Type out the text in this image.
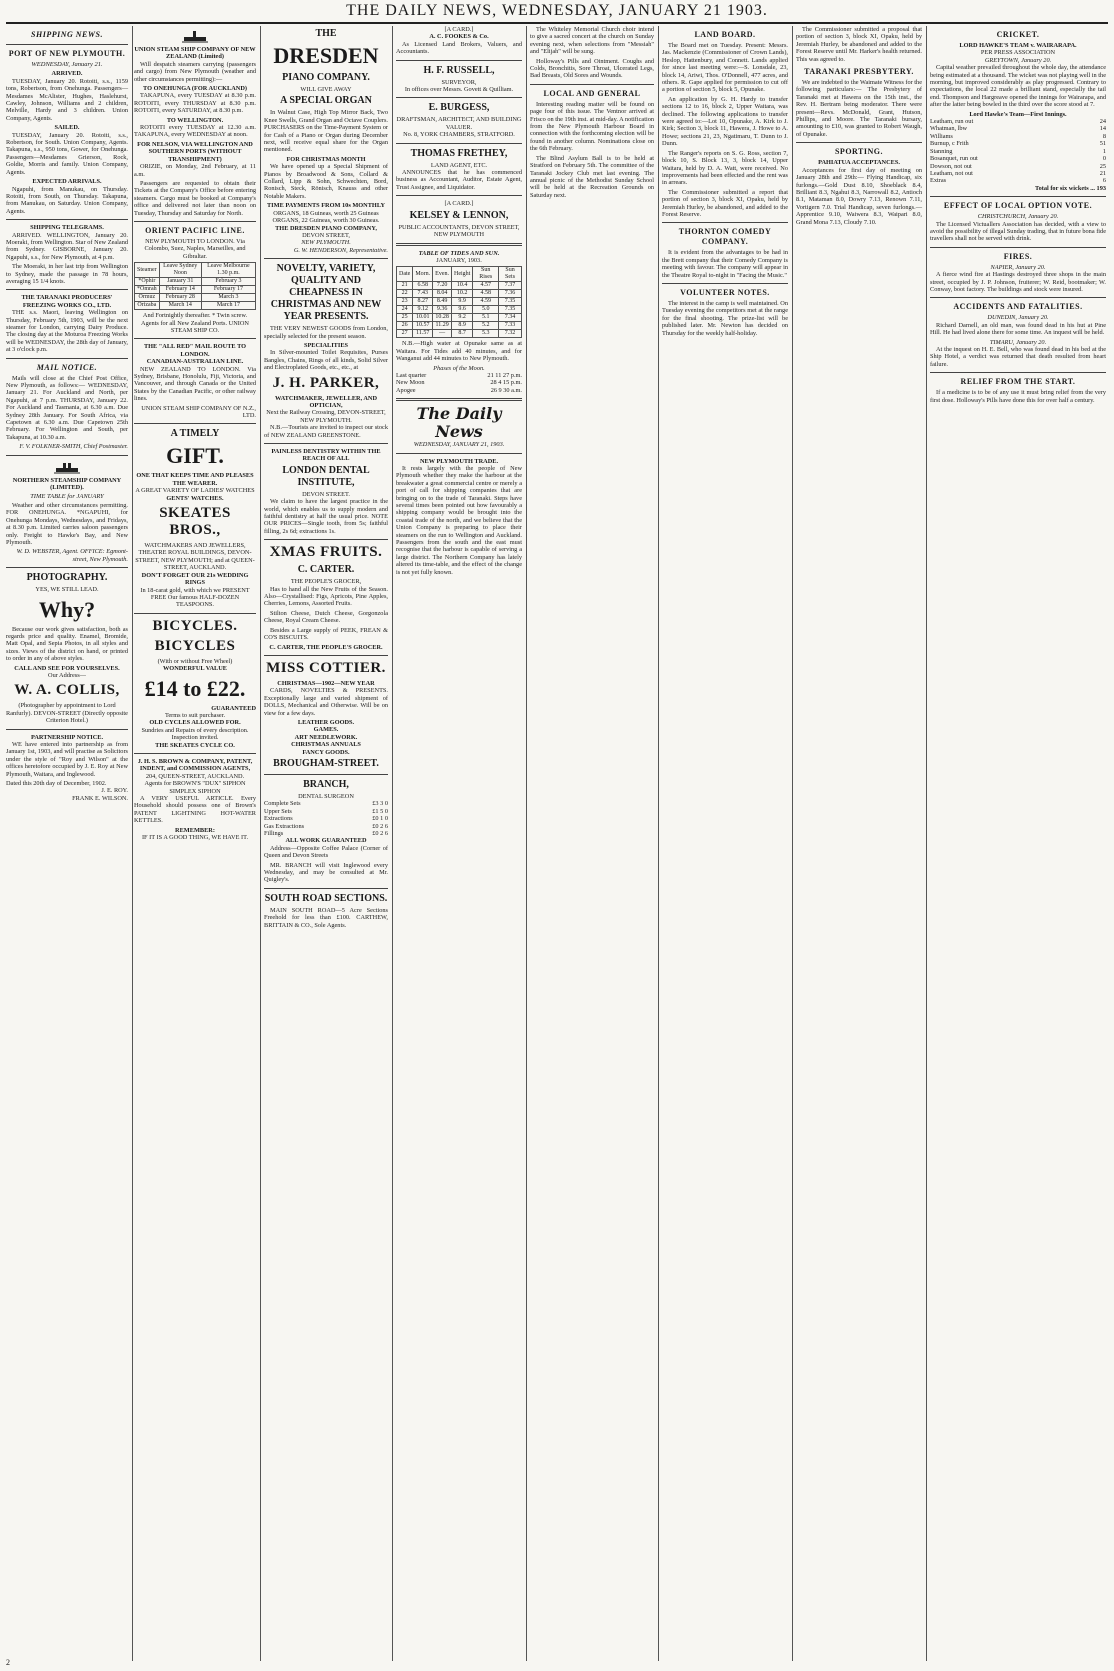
THE DAILY NEWS, WEDNESDAY, JANUARY 21 1903.
SHIPPING NEWS.
PORT OF NEW PLYMOUTH.
WEDNESDAY, January 21.
ARRIVED.

TUESDAY, January 20. Rotoiti, s.s., 1159 tons, Robertson, from Onehunga. Passengers—Mesdames McAlister, Hughes, Haslehurst, Cawley, Johnson, Williams and 2 children, Melville, Hardy and 3 children. Union Company, Agents.

SAILED.

TUESDAY, January 20. Rotoiti, s.s., Robertson, for South. Union Company, Agents. Takapuna, s.s., 950 tons, Gower, for Onehunga. Passengers—Mesdames Grierson, Rock, Goldie, Morris and family. Union Company, Agents.

EXPECTED ARRIVALS.

Ngapuhi, from Manukau, on Thursday. Rotoiti, from South, on Thursday. Takapuna, from Manukau, on Saturday. Union Company, Agents.

SHIPPING TELEGRAMS.

ARRIVED. WELLINGTON, January 20. Moeraki, from Wellington. Star of New Zealand from Sydney. GISBORNE, January 20. Ngapuhi, s.s., for New Plymouth, at 4 p.m.

The Moeraki, in her last trip from Wellington to Sydney, made the passage in 78 hours, averaging 15 1/4 knots.

THE TARANAKI PRODUCERS' FREEZING WORKS CO., LTD.

THE s.s. Maori, leaving Wellington on Thursday, February 5th, 1903, will be the next steamer for London, carrying Dairy Produce. The closing day at the Moturoa Freezing Works will be WEDNESDAY, the 28th day of January, at 3 o'clock p.m.

MAIL NOTICE.

Mails will close at the Chief Post Office, New Plymouth, as follows:— WEDNESDAY, January 21. For Auckland and North, per Ngapuhi, at 7 p.m. THURSDAY, January 22. For Auckland and Tasmania, at 6.30 a.m. Due Sydney 28th January. For South Africa, via Capetown at 6.30 a.m. Due Capetown 25th February. For Wellington and South, per Takapuna, at 10.30 a.m.

F. V. FOLKNER-SMITH, Chief Postmaster.
NORTHERN STEAMSHIP COMPANY (LIMITED).
TIME TABLE for JANUARY

Weather and other circumstances permitting. FOR ONEHUNGA. *NGAPUHI, for Onehunga Mondays, Wednesdays, and Fridays, at 8.30 p.m. Limited carries saloon passengers only. Freight to Hawke's Bay, and New Plymouth.

W. D. WEBSTER, Agent. OFFICE: Egmont-street, New Plymouth.
PHOTOGRAPHY.
YES, WE STILL LEAD.
Why?

Because our work gives satisfaction, both as regards price and quality. Enamel, Bromide, Matt Opal, and Sepia Photos, in all styles and sizes. Views of the district on hand, or printed to order in any of above styles.

CALL AND SEE FOR YOURSELVES.
Our Address—
W. A. COLLIS,
(Photographer by appointment to Lord Ranfurly). DEVON-STREET (Directly opposite Criterion Hotel.)
PARTNERSHIP NOTICE.

WE have entered into partnership as from January 1st, 1903, and will practise as Solicitors under the style of "Roy and Wilson" at the offices heretofore occupied by J. E. Roy at New Plymouth, Waitara, and Inglewood.

Dated this 20th day of December, 1902.
J. E. ROY.
FRANK E. WILSON.
UNION STEAM SHIP COMPANY OF NEW ZEALAND (Limited)

Will despatch steamers carrying (passengers and cargo) from New Plymouth (weather and other circumstances permitting):—

TO ONEHUNGA (FOR AUCKLAND)

TAKAPUNA, every TUESDAY at 8.30 p.m. ROTOITI, every THURSDAY at 8.30 p.m. ROTOITI, every SATURDAY, at 8.30 p.m.

TO WELLINGTON.

ROTOITI every TUESDAY at 12.30 a.m. TAKAPUNA, every WEDNESDAY at noon.

FOR NELSON, VIA WELLINGTON AND SOUTHERN PORTS (WITHOUT TRANSHIPMENT)

ORIZIE, on Monday, 2nd February, at 11 a.m.

Passengers are requested to obtain their Tickets at the Company's Office before entering steamers. Cargo must be booked at Company's office and delivered not later than noon on Tuesday, Thursday and Saturday for North.

ORIENT PACIFIC LINE.
NEW PLYMOUTH TO LONDON. Via Colombo, Suez, Naples, Marseilles, and Gibraltar.
Steamer	Leave Sydney Noon	Leave Melbourne 1.30 p.m.
*Ophir	January 31	February 3
*Omrah	February 14	February 17
Ormuz	February 28	March 3
Orizaba	March 14	March 17
And Fortnightly thereafter. * Twin screw.
Agents for all New Zealand Ports. UNION STEAM SHIP CO.
THE "ALL RED" MAIL ROUTE TO LONDON.
CANADIAN-AUSTRALIAN LINE.

NEW ZEALAND TO LONDON. Via Sydney, Brisbane, Honolulu, Fiji, Victoria, and Vancouver, and through Canada or the United States by the Canadian Pacific, or other railway lines.

UNION STEAM SHIP COMPANY OF N.Z., LTD.
A TIMELY
GIFT.
ONE THAT KEEPS TIME AND PLEASES THE WEARER.
A GREAT VARIETY OF LADIES' WATCHES
GENTS' WATCHES.
SKEATES BROS.,
WATCHMAKERS AND JEWELLERS, THEATRE ROYAL BUILDINGS, DEVON-STREET, NEW PLYMOUTH; and at QUEEN-STREET, AUCKLAND.
DON'T FORGET OUR 21s WEDDING RINGS
In 18-carat gold, with which we PRESENT FREE Our famous HALF-DOZEN TEASPOONS.
BICYCLES.
BICYCLES
(With or without Free Wheel)
WONDERFUL VALUE
£14 to £22.
GUARANTEED
Terms to suit purchaser.
OLD CYCLES ALLOWED FOR.
Sundries and Repairs of every description.
Inspection invited.
THE SKEATES CYCLE CO.
J. H. S. BROWN & COMPANY, PATENT, INDENT, and COMMISSION AGENTS,
204, QUEEN-STREET, AUCKLAND.
Agents for BROWN'S "DUX" SIPHON SIMPLEX SIPHON

A VERY USEFUL ARTICLE. Every Household should possess one of Brown's PATENT LIGHTNING HOT-WATER KETTLES.

REMEMBER:
IF IT IS A GOOD THING, WE HAVE IT.
THE
DRESDEN
PIANO COMPANY.
WILL GIVE AWAY
A SPECIAL ORGAN

In Walnut Case, High Top Mirror Back, Two Knee Swells, Grand Organ and Octave Couplers. PURCHASERS on the Time-Payment System or for Cash of a Piano or Organ during December next, will receive equal share for the Organ mentioned.

FOR CHRISTMAS MONTH

We have opened up a Special Shipment of Pianos by Broadwood & Sons, Collard & Collard, Lipp & Sohn, Schwechten, Bord, Ronisch, Steck, Rönisch, Knauss and other Notable Makers.

TIME PAYMENTS FROM 10s MONTHLY
ORGANS, 18 Guineas, worth 25 Guineas ORGANS, 22 Guineas, worth 30 Guineas.
THE DRESDEN PIANO COMPANY,
DEVON STREET,
NEW PLYMOUTH.
G. W. HENDERSON, Representative.
NOVELTY, VARIETY, QUALITY AND CHEAPNESS IN CHRISTMAS AND NEW YEAR PRESENTS.

THE VERY NEWEST GOODS from London, specially selected for the present season.

SPECIALITIES

In Silver-mounted Toilet Requisites, Purses Bangles, Chains, Rings of all kinds, Solid Silver and Electroplated Goods, etc., etc., at

J. H. PARKER,
WATCHMAKER, JEWELLER, AND OPTICIAN,
Next the Railway Crossing, DEVON-STREET, NEW PLYMOUTH.

N.B.—Tourists are invited to inspect our stock of NEW ZEALAND GREENSTONE.

PAINLESS DENTISTRY WITHIN THE REACH OF ALL
LONDON DENTAL INSTITUTE,
DEVON STREET.

We claim to have the largest practice in the world, which enables us to supply modern and faithful dentistry at half the usual price. NOTE OUR PRICES—Single tooth, from 5s; faithful filling, 2s 6d; extractions 1s.

XMAS FRUITS.
C. CARTER.
THE PEOPLE'S GROCER,

Has to hand all the New Fruits of the Season. Also—Crystallised: Figs, Apricots, Pine Apples, Cherries, Lemons, Assorted Fruits.

Stilton Cheese, Dutch Cheese, Gorgonzola Cheese, Royal Cream Cheese.

Besides a Large supply of PEEK, FREAN & CO'S BISCUITS.

C. CARTER, THE PEOPLE'S GROCER.
MISS COTTIER.
CHRISTMAS—1902—NEW YEAR

CARDS, NOVELTIES & PRESENTS. Exceptionally large and varied shipment of DOLLS, Mechanical and Otherwise. Will be on view for a few days.

LEATHER GOODS.
GAMES.
ART NEEDLEWORK.
CHRISTMAS ANNUALS
FANCY GOODS.
BROUGHAM-STREET.
BRANCH,
DENTAL SURGEON
Complete Sets	£3 3 0
Upper Sets	£1 5 0
Extractions	£0 1 0
Gas Extractions	£0 2 6
Fillings	£0 2 6
ALL WORK GUARANTEED

Address—Opposite Coffee Palace (Corner of Queen and Devon Streets

MR. BRANCH will visit Inglewood every Wednesday, and may be consulted at Mr. Quigley's.

SOUTH ROAD SECTIONS.

MAIN SOUTH ROAD—5 Acre Sections Freehold for less than £100. CARTHEW, BRITTAIN & CO., Sole Agents.

[A CARD.]
A. C. FOOKES & Co.

As Licensed Land Brokers, Valuers, and Accountants.

H. F. RUSSELL,
SURVEYOR,
In offices over Messrs. Govett & Quilliam.
E. BURGESS,
DRAFTSMAN, ARCHITECT, AND BUILDING VALUER.
No. 8, YORK CHAMBERS, STRATFORD.
THOMAS FRETHEY,
LAND AGENT, ETC.

ANNOUNCES that he has commenced business as Accountant, Auditor, Estate Agent, Trust Assignee, and Liquidator.

[A CARD.]
KELSEY & LENNON,
PUBLIC ACCOUNTANTS, DEVON STREET, NEW PLYMOUTH
TABLE OF TIDES AND SUN.
JANUARY, 1903.
Date	Morn.	Even.	Height	Sun Rises	Sun Sets
21	6.58	7.20	10.4	4.57	7.37
22	7.43	8.04	10.2	4.58	7.36
23	8.27	8.49	9.9	4.59	7.35
24	9.12	9.36	9.6	5.0	7.35
25	10.01	10.28	9.2	5.1	7.34
26	10.57	11.29	8.9	5.2	7.33
27	11.57	—	8.7	5.3	7.32

N.B.—High water at Opunake same as at Waitara. For Tides add 40 minutes, and for Wanganui add 44 minutes to New Plymouth.

Phases of the Moon.
Last quarter	21 11 27 p.m.
New Moon	28 4 15 p.m.
Apogee	26 9 30 a.m.
The Daily News
WEDNESDAY, JANUARY 21, 1903.
NEW PLYMOUTH TRADE.

It rests largely with the people of New Plymouth whether they make the harbour at the breakwater a great commercial centre or merely a port of call for shipping companies that are bringing on to the trade of Taranaki. Steps have several times been pointed out how favourably a shipping company would be brought into the coastal trade of the north, and we believe that the Union Company is preparing to place their steamers on the run to Wellington and Auckland. Passengers from the south and the east must recognise that the harbour is capable of serving a large district. The Northern Company has lately altered its time-table, and the effect of the change is not yet fully known.

The Whiteley Memorial Church choir intend to give a sacred concert at the church on Sunday evening next, when selections from "Messiah" and "Elijah" will be sung.

Holloway's Pills and Ointment. Coughs and Colds, Bronchitis, Sore Throat, Ulcerated Legs, Bad Breasts, Old Sores and Wounds.

LOCAL AND GENERAL

Interesting reading matter will be found on page four of this issue. The Ventnor arrived at Frisco on the 19th inst. at mid-day. A notification from the New Plymouth Harbour Board in connection with the forthcoming election will be found in another column. Nominations close on the 6th February.

The Blind Asylum Ball is to be held at Stratford on February 5th. The committee of the Taranaki Jockey Club met last evening. The annual picnic of the Methodist Sunday School will be held at the Recreation Grounds on Saturday next.

LAND BOARD.

The Board met on Tuesday. Present: Messrs. Jas. Mackenzie (Commissioner of Crown Lands), Heslop, Hattenbury, and Connett. Lands applied for since last meeting were:—S. Lonsdale, 23, block 14, Ariwi, Thos. O'Donnell, 477 acres, and others. R. Gape applied for permission to cut off a portion of section 5, block 5, Opunake.

An application by G. H. Hardy to transfer sections 12 to 16, block 2, Upper Waitara, was declined. The following applications to transfer were agreed to:—Lot 10, Opunake, A. Kirk to J. Kirk; Section 3, block 11, Hawera, J. Howe to A. Howe; sections 21, 23, Ngatimaru, T. Dunn to J. Dunn.

The Ranger's reports on S. G. Ross, section 7, block 10, S. Block 13, 3, block 14, Upper Waitara, held by D. A. Watt, were received. No improvements had been effected and the rent was in arrears.

The Commissioner submitted a report that portion of section 3, block XI, Opaku, held by Jeremiah Hurley, be abandoned, and added to the Forest Reserve.

THORNTON COMEDY COMPANY.

It is evident from the advantages to be had in the Brett company that their Comedy Company is meeting with favour. The company will appear in the Theatre Royal to-night in "Facing the Music."

VOLUNTEER NOTES.

The interest in the camp is well maintained. On Tuesday evening the competitors met at the range for the final shooting. The prize-list will be published later. Mr. Newton has decided on Thursday for the weekly half-holiday.

The Commissioner submitted a proposal that portion of section 3, block XI, Opaku, held by Jeremiah Hurley, be abandoned and added to the Forest Reserve until Mr. Harker's health returned. This was agreed to.

TARANAKI PRESBYTERY.

We are indebted to the Waimate Witness for the following particulars:— The Presbytery of Taranaki met at Hawera on the 15th inst., the Rev. H. Bertram being moderator. There were present—Revs. McDonald, Grant, Hutson, Phillips, and Moore. The Taranaki bursary, amounting to £10, was granted to Robert Waugh, of Opunake.

SPORTING.
PAHIATUA ACCEPTANCES.

Acceptances for first day of meeting on January 28th and 29th:— Flying Handicap, six furlongs.—Gold Dust 8.10, Shoeblack 8.4, Brilliant 8.3, Ngahui 8.3, Narrowall 8.2, Antioch 8.1, Mataman 8.0, Dowry 7.13, Renown 7.11, Vortigern 7.0. Trial Handicap, seven furlongs.—Apprentice 9.10, Waiwera 8.3, Waipari 8.0, Grand Mona 7.13, Cloudy 7.10.

CRICKET.
LORD HAWKE'S TEAM v. WAIRARAPA.
PER PRESS ASSOCIATION
GREYTOWN, January 20.

Capital weather prevailed throughout the whole day, the attendance being estimated at a thousand. The wicket was not playing well in the morning, but improved considerably as play progressed. Contrary to expectations, the local 22 made a brilliant stand, especially the tail end. Thompson and Hargreave opened the innings for Wairarapa, and after the latter being bowled in the third over the score stood at 7.

Lord Hawke's Team—First Innings.
Leatham, run out	24
Whatman, lbw	14
Williams	8
Burnup, c Frith	51
Stanning	1
Bosanquet, run out	0
Dowson, not out	25
Leatham, not out	21
Extras	6
Total for six wickets ... 193
EFFECT OF LOCAL OPTION VOTE.
CHRISTCHURCH, January 20.

The Licensed Victuallers Association has decided, with a view to avoid the possibility of illegal Sunday trading, that in future bona fide travellers shall not be served with drink.

FIRES.
NAPIER, January 20.

A fierce wind fire at Hastings destroyed three shops in the main street, occupied by J. P. Johnson, fruiterer; W. Reid, bootmaker; W. Conway, boot factory. The buildings and stock were insured.

ACCIDENTS AND FATALITIES.
DUNEDIN, January 20.

Richard Darnell, an old man, was found dead in his hut at Pine Hill. He had lived alone there for some time. An inquest will be held.

TIMARU, January 20.

At the inquest on H. E. Bell, who was found dead in his bed at the Ship Hotel, a verdict was returned that death resulted from heart failure.

RELIEF FROM THE START.

If a medicine is to be of any use it must bring relief from the very first dose. Holloway's Pills have done this for over half a century.

2
